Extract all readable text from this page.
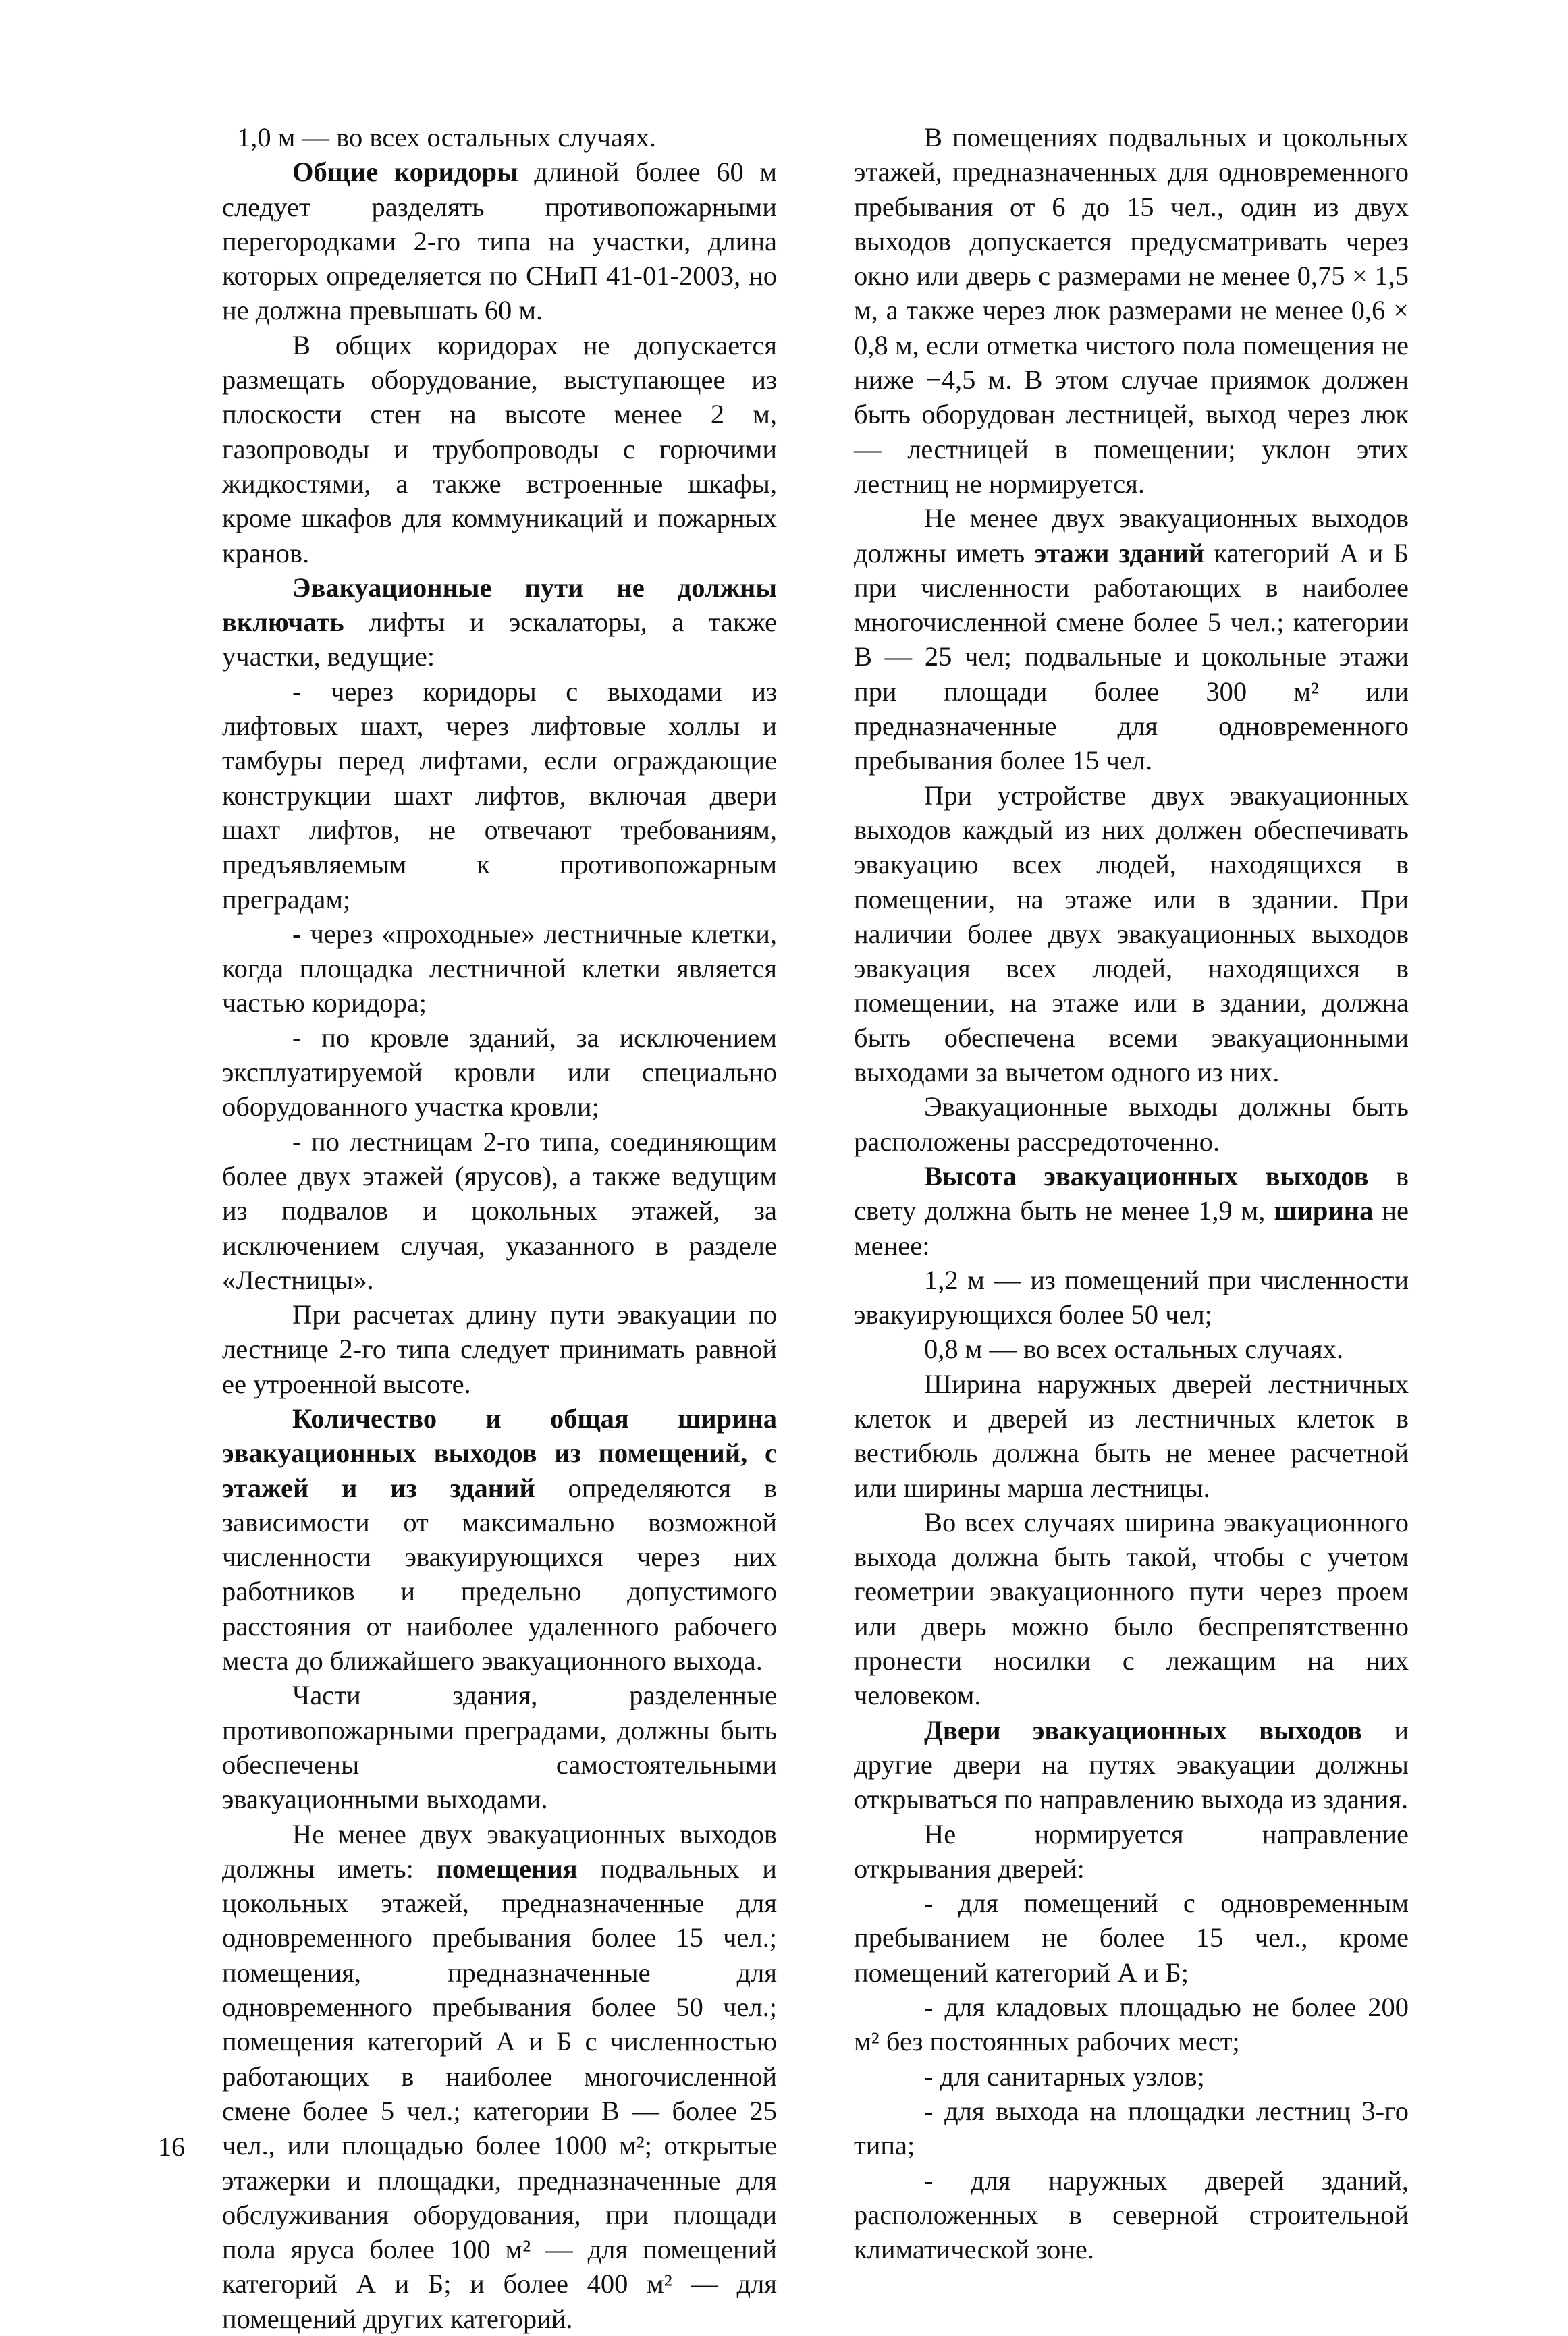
1,0 м — во всех остальных случаях.

Общие коридоры длиной более 60 м следует разделять противопожарными перегородками 2-го типа на участки, длина которых определяется по СНиП 41-01-2003, но не должна превышать 60 м.

В общих коридорах не допускается размещать оборудование, выступающее из плоскости стен на высоте менее 2 м, газопроводы и трубопроводы с горючими жидкостями, а также встроенные шкафы, кроме шкафов для коммуникаций и пожарных кранов.

Эвакуационные пути не должны включать лифты и эскалаторы, а также участки, ведущие:

- через коридоры с выходами из лифтовых шахт, через лифтовые холлы и тамбуры перед лифтами, если ограждающие конструкции шахт лифтов, включая двери шахт лифтов, не отвечают требованиям, предъявляемым к противопожарным преградам;

- через «проходные» лестничные клетки, когда площадка лестничной клетки является частью коридора;

- по кровле зданий, за исключением эксплуатируемой кровли или специально оборудованного участка кровли;

- по лестницам 2-го типа, соединяющим более двух этажей (ярусов), а также ведущим из подвалов и цокольных этажей, за исключением случая, указанного в разделе «Лестницы».

При расчетах длину пути эвакуации по лестнице 2-го типа следует принимать равной ее утроенной высоте.

Количество и общая ширина эвакуационных выходов из помещений, с этажей и из зданий определяются в зависимости от максимально возможной численности эвакуирующихся через них работников и предельно допустимого расстояния от наиболее удаленного рабочего места до ближайшего эвакуационного выхода.

Части здания, разделенные противопожарными преградами, должны быть обеспечены самостоятельными эвакуационными выходами.

Не менее двух эвакуационных выходов должны иметь: помещения подвальных и цокольных этажей, предназначенные для одновременного пребывания более 15 чел.; помещения, предназначенные для одновременного пребывания более 50 чел.; помещения категорий А и Б с численностью работающих в наиболее многочисленной смене более 5 чел.; категории В — более 25 чел., или площадью более 1000 м²; открытые этажерки и площадки, предназначенные для обслуживания оборудования, при площади пола яруса более 100 м² — для помещений категорий А и Б; и более 400 м² — для помещений других категорий.

В помещениях подвальных и цокольных этажей, предназначенных для одновременного пребывания от 6 до 15 чел., один из двух выходов допускается предусматривать через окно или дверь с размерами не менее 0,75 × 1,5 м, а также через люк размерами не менее 0,6 × 0,8 м, если отметка чистого пола помещения не ниже −4,5 м. В этом случае приямок должен быть оборудован лестницей, выход через люк — лестницей в помещении; уклон этих лестниц не нормируется.

Не менее двух эвакуационных выходов должны иметь этажи зданий категорий А и Б при численности работающих в наиболее многочисленной смене более 5 чел.; категории В — 25 чел; подвальные и цокольные этажи при площади более 300 м² или предназначенные для одновременного пребывания более 15 чел.

При устройстве двух эвакуационных выходов каждый из них должен обеспечивать эвакуацию всех людей, находящихся в помещении, на этаже или в здании. При наличии более двух эвакуационных выходов эвакуация всех людей, находящихся в помещении, на этаже или в здании, должна быть обеспечена всеми эвакуационными выходами за вычетом одного из них.

Эвакуационные выходы должны быть расположены рассредоточенно.

Высота эвакуационных выходов в свету должна быть не менее 1,9 м, ширина не менее:

1,2 м — из помещений при численности эвакуирующихся более 50 чел;

0,8 м — во всех остальных случаях.

Ширина наружных дверей лестничных клеток и дверей из лестничных клеток в вестибюль должна быть не менее расчетной или ширины марша лестницы.

Во всех случаях ширина эвакуационного выхода должна быть такой, чтобы с учетом геометрии эвакуационного пути через проем или дверь можно было беспрепятственно пронести носилки с лежащим на них человеком.

Двери эвакуационных выходов и другие двери на путях эвакуации должны открываться по направлению выхода из здания.

Не нормируется направление открывания дверей:

- для помещений с одновременным пребыванием не более 15 чел., кроме помещений категорий А и Б;

- для кладовых площадью не более 200 м² без постоянных рабочих мест;

- для санитарных узлов;

- для выхода на площадки лестниц 3-го типа;

- для наружных дверей зданий, расположенных в северной строительной климатической зоне.

16
